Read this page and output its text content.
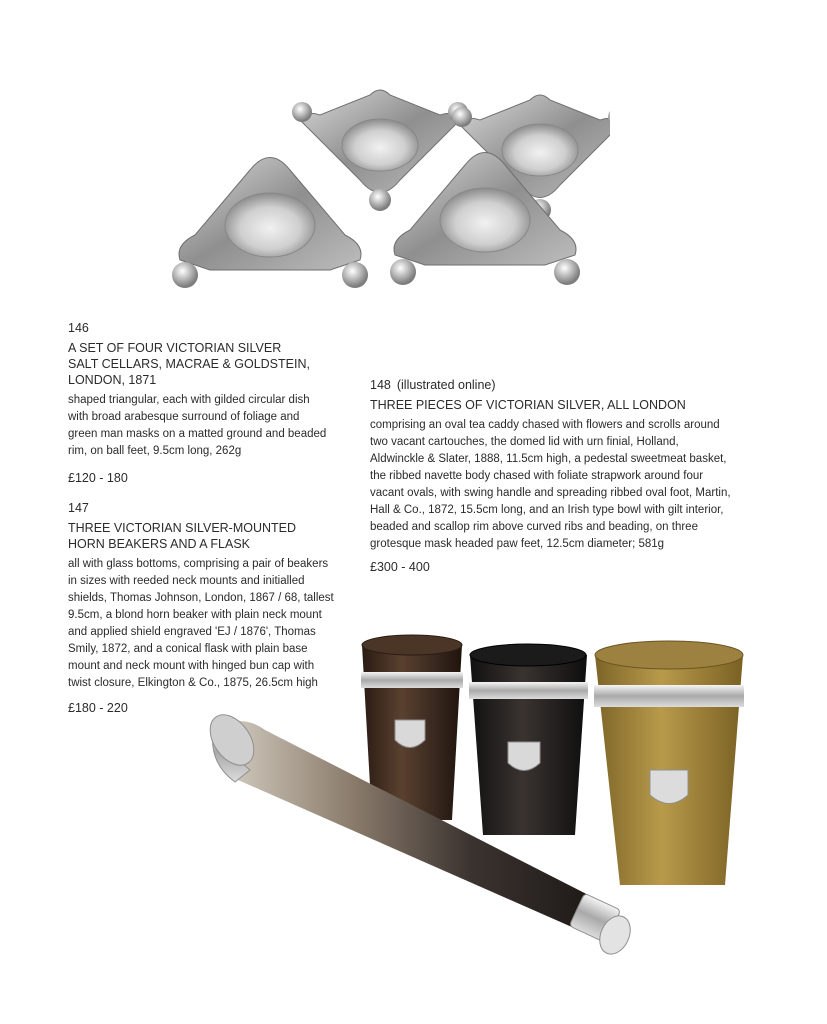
146
A SET OF FOUR VICTORIAN SILVER
SALT CELLARS, MACRAE & GOLDSTEIN,
LONDON, 1871
shaped triangular, each with gilded circular dish
with broad arabesque surround of foliage and
green man masks on a matted ground and beaded
rim, on ball feet, 9.5cm long, 262g
£120 - 180
147
THREE VICTORIAN SILVER-MOUNTED
HORN BEAKERS AND A FLASK
all with glass bottoms, comprising a pair of beakers
in sizes with reeded neck mounts and initialled
shields, Thomas Johnson, London, 1867 / 68, tallest
9.5cm, a blond horn beaker with plain neck mount
and applied shield engraved 'EJ / 1876', Thomas
Smily, 1872, and a conical flask with plain base
mount and neck mount with hinged bun cap with
twist closure, Elkington & Co., 1875, 26.5cm high
£180 - 220
148 (illustrated online)
THREE PIECES OF VICTORIAN SILVER, ALL LONDON
comprising an oval tea caddy chased with flowers and scrolls around
two vacant cartouches, the domed lid with urn finial, Holland,
Aldwinckle & Slater, 1888, 11.5cm high, a pedestal sweetmeat basket,
the ribbed navette body chased with foliate strapwork around four
vacant ovals, with swing handle and spreading ribbed oval foot, Martin,
Hall & Co., 1872, 15.5cm long, and an Irish type bowl with gilt interior,
beaded and scallop rim above curved ribs and beading, on three
grotesque mask headed paw feet, 12.5cm diameter; 581g
£300 - 400
